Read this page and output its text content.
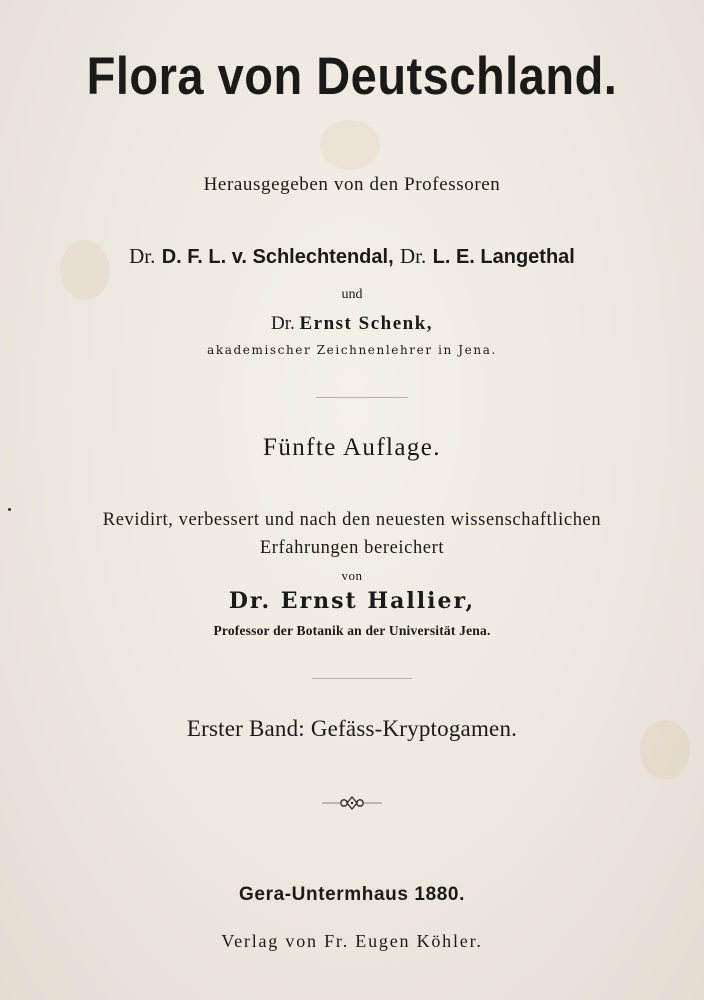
Flora von Deutschland.
Herausgegeben von den Professoren
Dr. D. F. L. v. Schlechtendal, Dr. L. E. Langethal
und
Dr. Ernst Schenk,
akademischer Zeichnenlehrer in Jena.
Fünfte Auflage.
Revidirt, verbessert und nach den neuesten wissenschaftlichen
Erfahrungen bereichert
von
Dr. Ernst Hallier,
Professor der Botanik an der Universität Jena.
Erster Band: Gefäss-Kryptogamen.
Gera-Untermhaus 1880.
Verlag von Fr. Eugen Köhler.
